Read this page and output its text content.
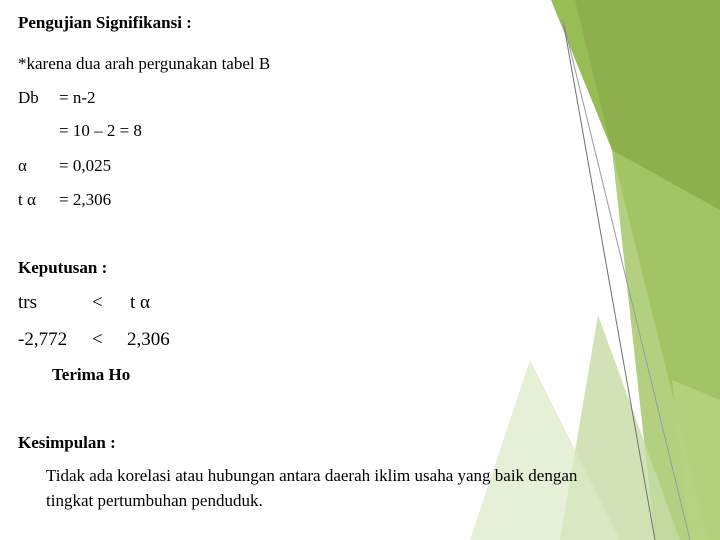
Pengujian Signifikansi :
*karena dua arah pergunakan tabel B
Db = n-2
= 10 – 2 = 8
α = 0,025
t α = 2,306
Keputusan :
trs	< t α
-2,772 < 2,306
Terima Ho
Kesimpulan :
Tidak ada korelasi atau hubungan antara daerah iklim usaha yang baik dengan
tingkat pertumbuhan penduduk.
